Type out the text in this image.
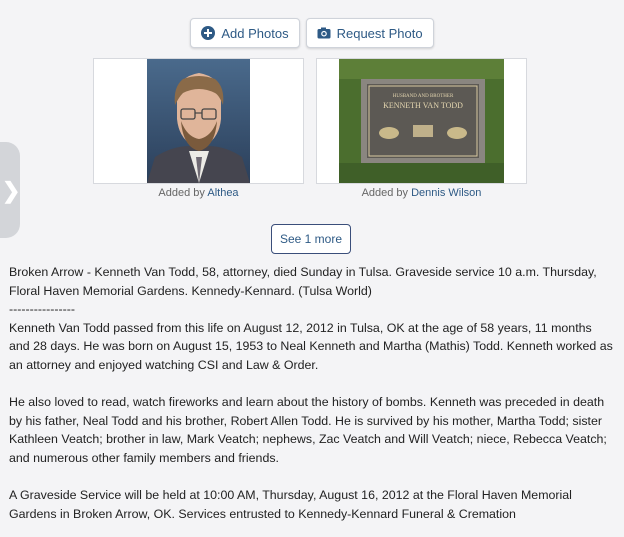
❯
Add Photos	Request Photo
Added by Althea
HUSBAND AND BROTHER
KENNETH VAN TODD
Added by Dennis Wilson
See 1 more

Broken Arrow - Kenneth Van Todd, 58, attorney, died Sunday in Tulsa. Graveside service 10 a.m. Thursday, Floral Haven Memorial Gardens. Kennedy-Kennard. (Tulsa World)

----------------

Kenneth Van Todd passed from this life on August 12, 2012 in Tulsa, OK at the age of 58 years, 11 months and 28 days. He was born on August 15, 1953 to Neal Kenneth and Martha (Mathis) Todd. Kenneth worked as an attorney and enjoyed watching CSI and Law & Order.

He also loved to read, watch fireworks and learn about the history of bombs. Kenneth was preceded in death by his father, Neal Todd and his brother, Robert Allen Todd. He is survived by his mother, Martha Todd; sister Kathleen Veatch; brother in law, Mark Veatch; nephews, Zac Veatch and Will Veatch; niece, Rebecca Veatch; and numerous other family members and friends.

A Graveside Service will be held at 10:00 AM, Thursday, August 16, 2012 at the Floral Haven Memorial Gardens in Broken Arrow, OK. Services entrusted to Kennedy-Kennard Funeral & Cremation
